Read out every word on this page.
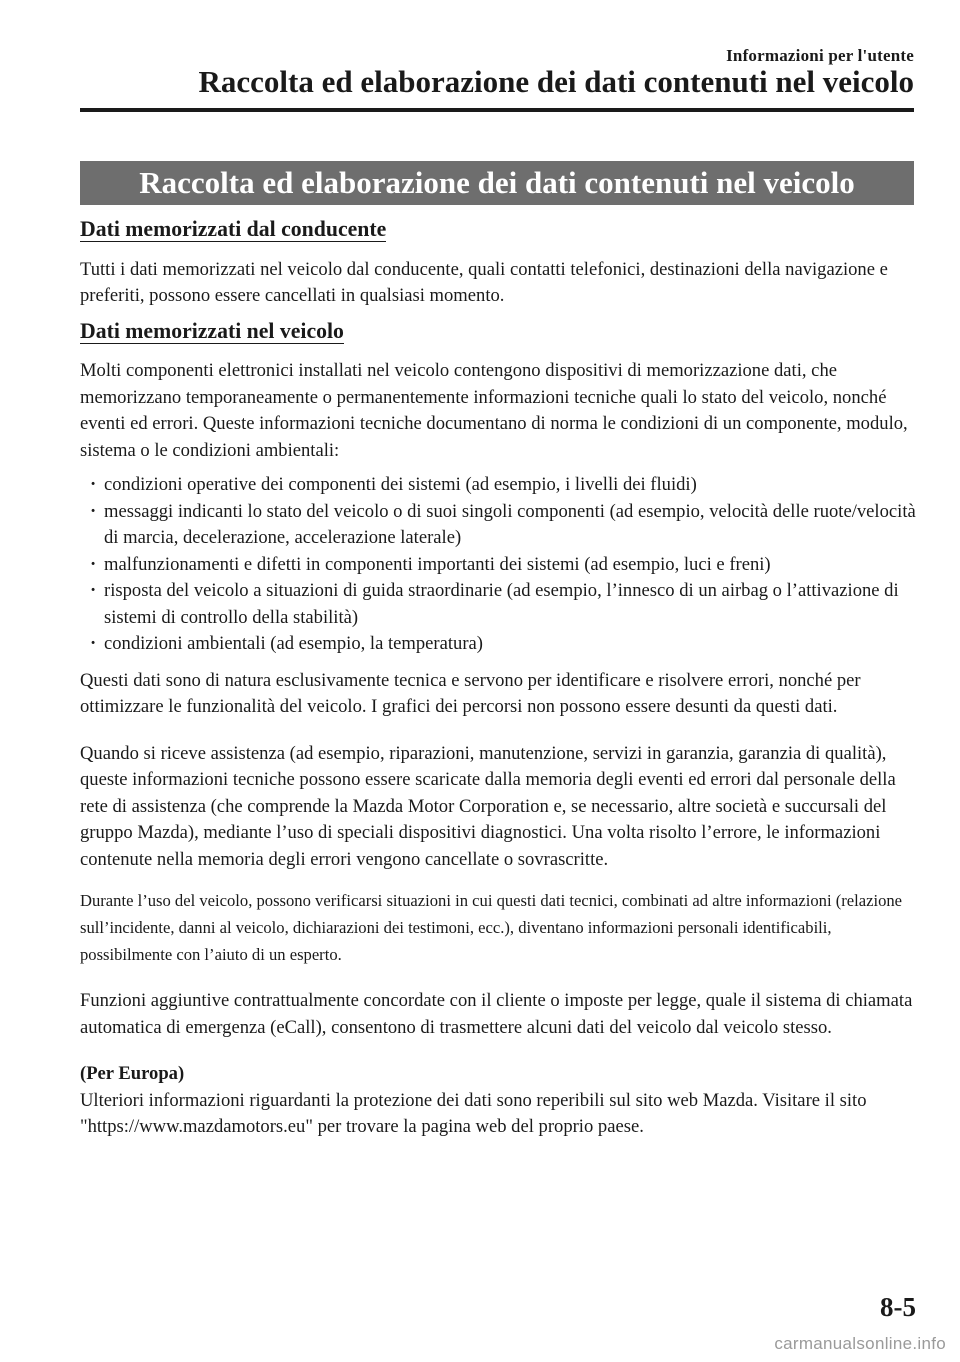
Informazioni per l'utente
Raccolta ed elaborazione dei dati contenuti nel veicolo
Raccolta ed elaborazione dei dati contenuti nel veicolo
Dati memorizzati dal conducente

Tutti i dati memorizzati nel veicolo dal conducente, quali contatti telefonici, destinazioni della navigazione e preferiti, possono essere cancellati in qualsiasi momento.

Dati memorizzati nel veicolo

Molti componenti elettronici installati nel veicolo contengono dispositivi di memorizzazione dati, che memorizzano temporaneamente o permanentemente informazioni tecniche quali lo stato del veicolo, nonché eventi ed errori. Queste informazioni tecniche documentano di norma le condizioni di un componente, modulo, sistema o le condizioni ambientali:

· condizioni operative dei componenti dei sistemi (ad esempio, i livelli dei fluidi)
· messaggi indicanti lo stato del veicolo o di suoi singoli componenti (ad esempio, velocità delle ruote/velocità di marcia, decelerazione, accelerazione laterale)
· malfunzionamenti e difetti in componenti importanti dei sistemi (ad esempio, luci e freni)
· risposta del veicolo a situazioni di guida straordinarie (ad esempio, l’innesco di un airbag o l’attivazione di sistemi di controllo della stabilità)
· condizioni ambientali (ad esempio, la temperatura)

Questi dati sono di natura esclusivamente tecnica e servono per identificare e risolvere errori, nonché per ottimizzare le funzionalità del veicolo. I grafici dei percorsi non possono essere desunti da questi dati.

Quando si riceve assistenza (ad esempio, riparazioni, manutenzione, servizi in garanzia, garanzia di qualità), queste informazioni tecniche possono essere scaricate dalla memoria degli eventi ed errori dal personale della rete di assistenza (che comprende la Mazda Motor Corporation e, se necessario, altre società e succursali del gruppo Mazda), mediante l’uso di speciali dispositivi diagnostici. Una volta risolto l’errore, le informazioni contenute nella memoria degli errori vengono cancellate o sovrascritte.

Durante l’uso del veicolo, possono verificarsi situazioni in cui questi dati tecnici, combinati ad altre informazioni (relazione sull’incidente, danni al veicolo, dichiarazioni dei testimoni, ecc.), diventano informazioni personali identificabili, possibilmente con l’aiuto di un esperto.

Funzioni aggiuntive contrattualmente concordate con il cliente o imposte per legge, quale il sistema di chiamata automatica di emergenza (eCall), consentono di trasmettere alcuni dati del veicolo dal veicolo stesso.

(Per Europa)

Ulteriori informazioni riguardanti la protezione dei dati sono reperibili sul sito web Mazda. Visitare il sito "https://www.mazdamotors.eu" per trovare la pagina web del proprio paese.

8-5
carmanualsonline.info
